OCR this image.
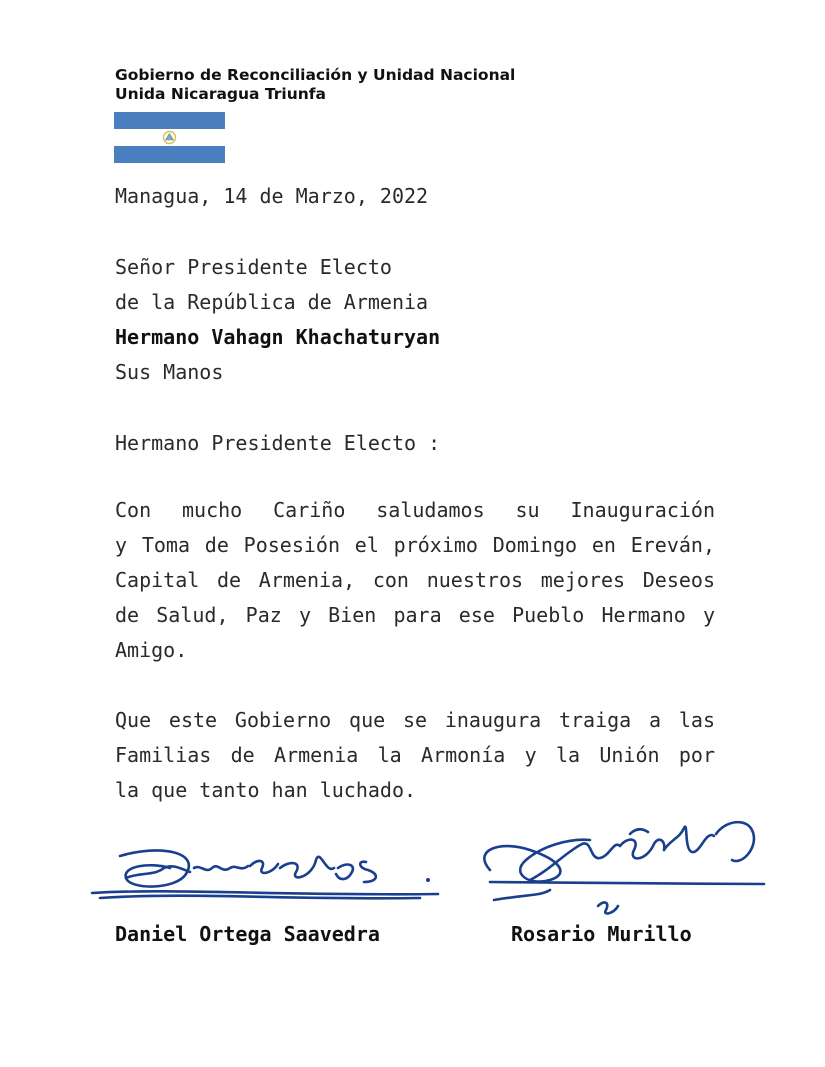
Gobierno de Reconciliación y Unidad Nacional
Unida Nicaragua Triunfa
Managua, 14 de Marzo, 2022
Señor Presidente Electo
de la República de Armenia
Hermano Vahagn Khachaturyan
Sus Manos
Hermano Presidente Electo :
Con mucho Cariño saludamos su Inauguración
y Toma de Posesión el próximo Domingo en Ereván,
Capital de Armenia, con nuestros mejores Deseos
de Salud, Paz y Bien para ese Pueblo Hermano y
Amigo.
Que este Gobierno que se inaugura traiga a las
Familias de Armenia la Armonía y la Unión por
la que tanto han luchado.
Daniel Ortega Saavedra	Rosario Murillo
